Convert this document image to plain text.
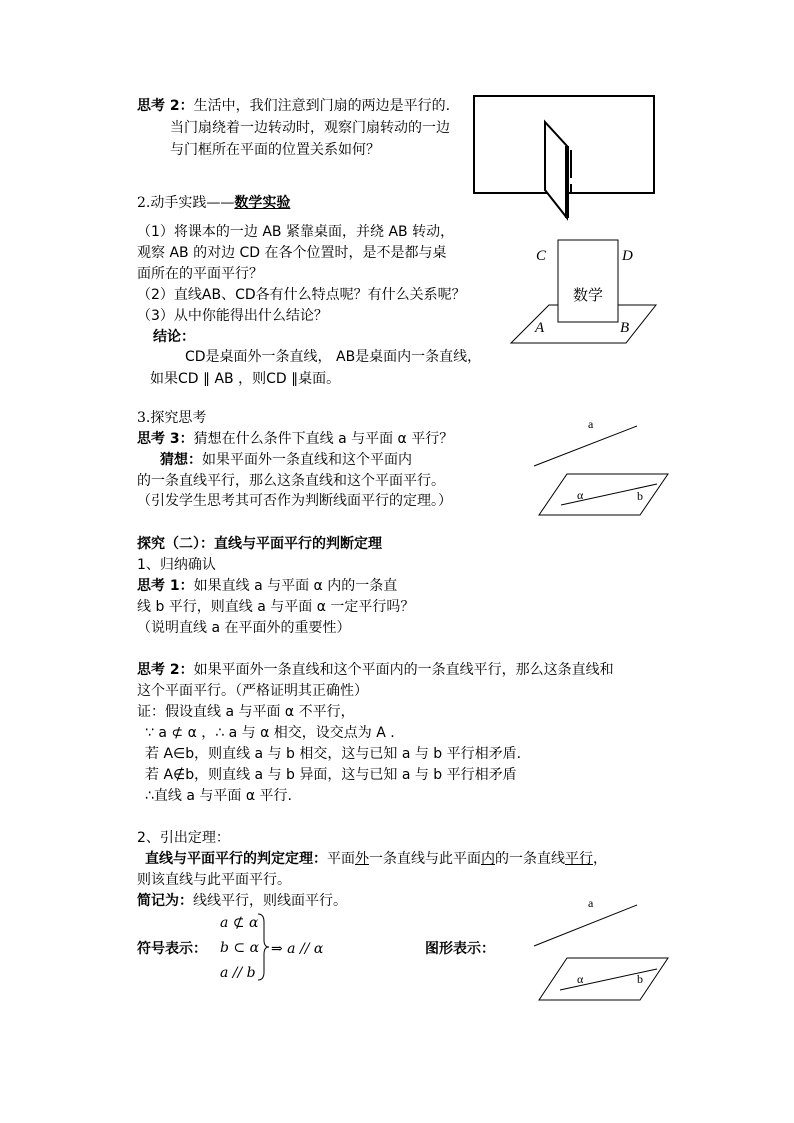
思考 2：生活中，我们注意到门扇的两边是平行的.
当门扇绕着一边转动时，观察门扇转动的一边
与门框所在平面的位置关系如何？
2.动手实践——数学实验
（1）将课本的一边 AB 紧靠桌面，并绕 AB 转动，
观察 AB 的对边 CD 在各个位置时，是不是都与桌
面所在的平面平行？
（2）直线AB、CD各有什么特点呢？有什么关系呢？
（3）从中你能得出什么结论？
结论：
CD是桌面外一条直线， AB是桌面内一条直线，
如果CD ∥ AB ，则CD ∥桌面。
C	D
A	B
数学
3.探究思考
思考 3：猜想在什么条件下直线 a 与平面 α 平行？
猜想：如果平面外一条直线和这个平面内
的一条直线平行，那么这条直线和这个平面平行。
（引发学生思考其可否作为判断线面平行的定理。）
a
α	b
探究（二）：直线与平面平行的判断定理
1、归纳确认
思考 1：如果直线 a 与平面 α 内的一条直
线 b 平行，则直线 a 与平面 α 一定平行吗？
（说明直线 a 在平面外的重要性）
思考 2：如果平面外一条直线和这个平面内的一条直线平行，那么这条直线和
这个平面平行。（严格证明其正确性）
证：假设直线 a 与平面 α 不平行，
∵ a ⊄ α ，∴ a 与 α 相交，设交点为 A .
若 A∈b，则直线 a 与 b 相交，这与已知 a 与 b 平行相矛盾.
若 A∉b，则直线 a 与 b 异面，这与已知 a 与 b 平行相矛盾
∴直线 a 与平面 α 平行.
2、引出定理：
直线与平面平行的判定定理：平面外一条直线与此平面内的一条直线平行，
则该直线与此平面平行。
简记为：线线平行，则线面平行。
符号表示：
a ⊄ α
b ⊂ α
a // b
⇒ a // α	图形表示：
a
α	b
